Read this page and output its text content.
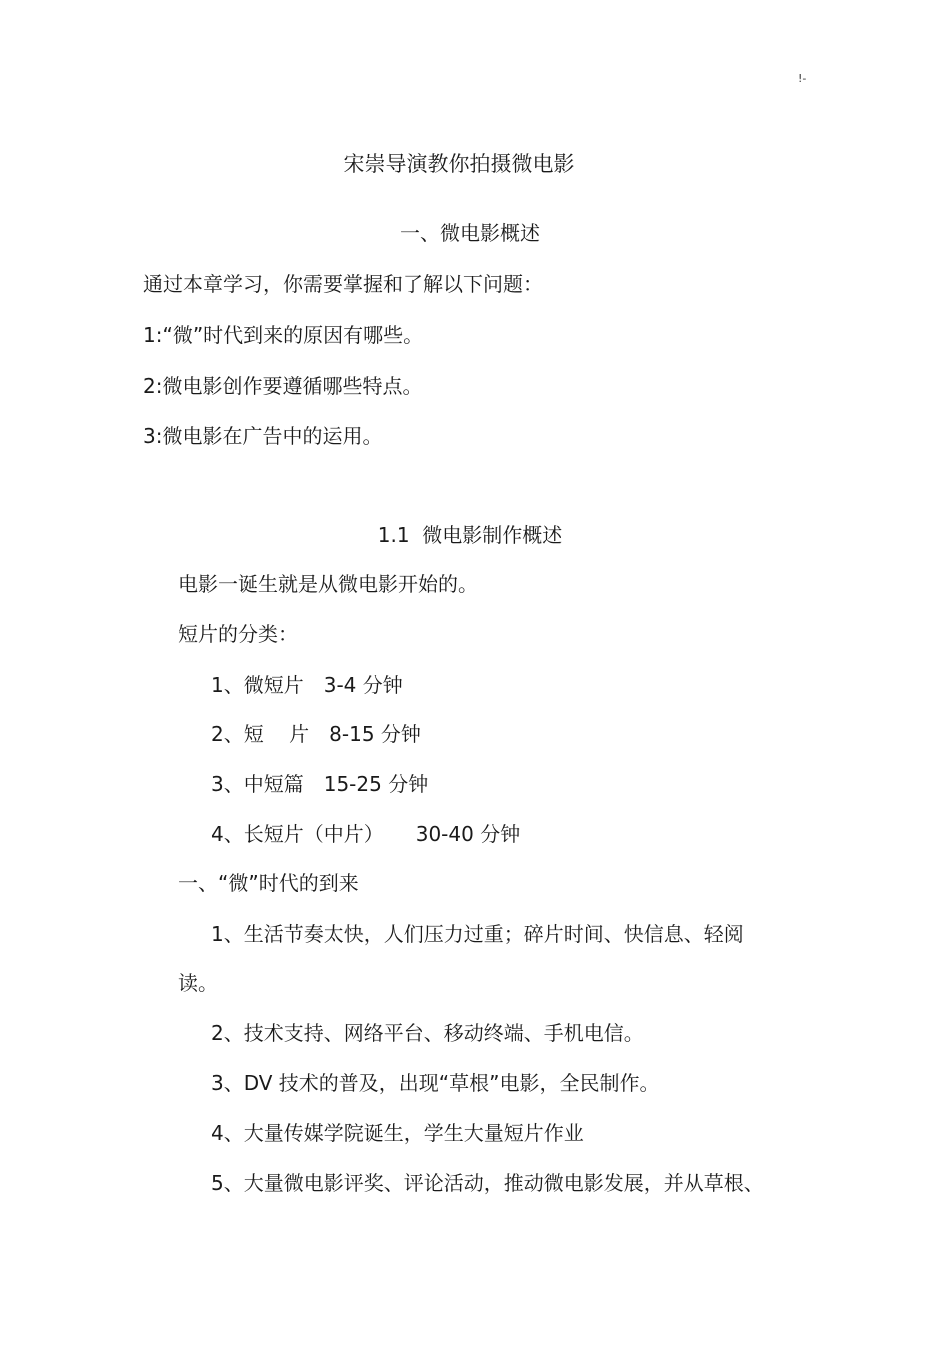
!-
宋崇导演教你拍摄微电影
一、微电影概述
通过本章学习，你需要掌握和了解以下问题：
1:“微”时代到来的原因有哪些。
2:微电影创作要遵循哪些特点。
3:微电影在广告中的运用。
1.1  微电影制作概述
电影一诞生就是从微电影开始的。
短片的分类：
1、微短片 3-4 分钟
2、短    片 8-15 分钟
3、中短篇 15-25 分钟
4、长短片（中片） 30-40 分钟
一、“微”时代的到来
1、生活节奏太快，人们压力过重；碎片时间、快信息、轻阅
读。
2、技术支持、网络平台、移动终端、手机电信。
3、DV 技术的普及，出现“草根”电影，全民制作。
4、大量传媒学院诞生，学生大量短片作业
5、大量微电影评奖、评论活动，推动微电影发展，并从草根、
